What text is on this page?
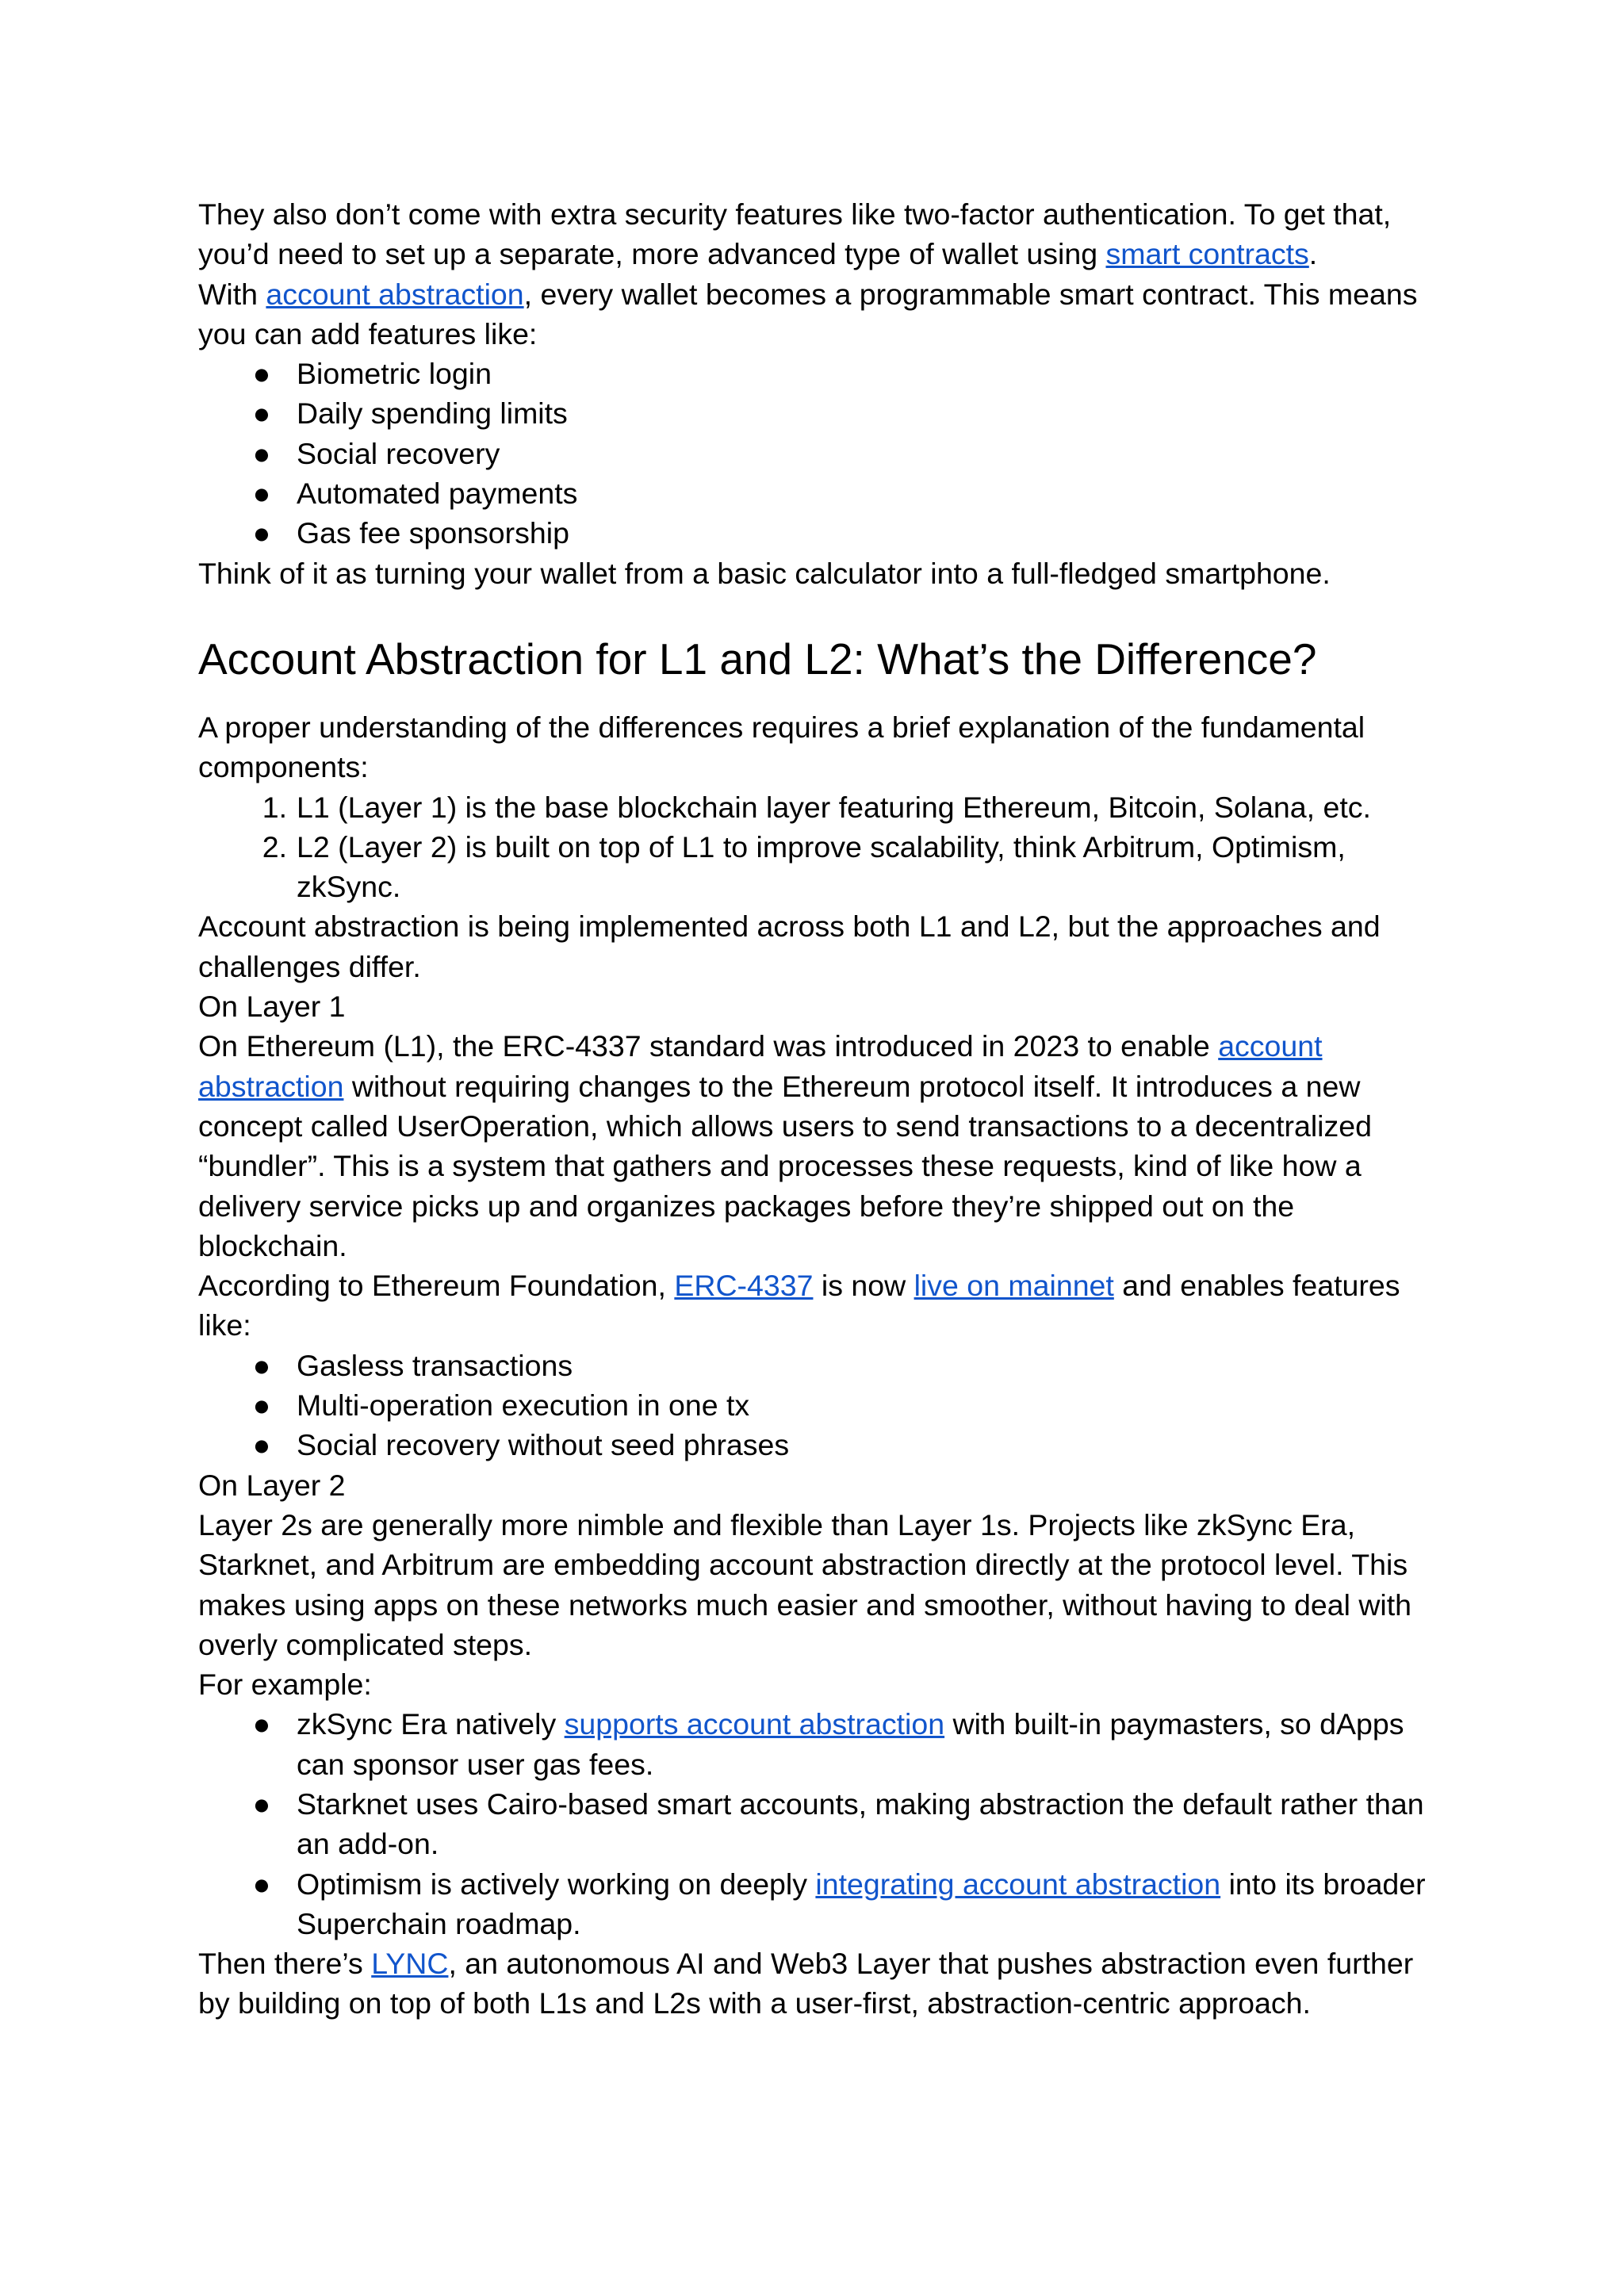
They also don’t come with extra security features like two-factor authentication. To get that, you’d need to set up a separate, more advanced type of wallet using smart contracts.

With account abstraction, every wallet becomes a programmable smart contract. This means you can add features like:

● Biometric login
● Daily spending limits
● Social recovery
● Automated payments
● Gas fee sponsorship

Think of it as turning your wallet from a basic calculator into a full-fledged smartphone.

Account Abstraction for L1 and L2: What’s the Difference?

A proper understanding of the differences requires a brief explanation of the fundamental components:

1. L1 (Layer 1) is the base blockchain layer featuring Ethereum, Bitcoin, Solana, etc.
2. L2 (Layer 2) is built on top of L1 to improve scalability, think Arbitrum, Optimism, zkSync.

Account abstraction is being implemented across both L1 and L2, but the approaches and challenges differ.

On Layer 1

On Ethereum (L1), the ERC-4337 standard was introduced in 2023 to enable account abstraction without requiring changes to the Ethereum protocol itself. It introduces a new concept called UserOperation, which allows users to send transactions to a decentralized “bundler”. This is a system that gathers and processes these requests, kind of like how a delivery service picks up and organizes packages before they’re shipped out on the blockchain.

According to Ethereum Foundation, ERC-4337 is now live on mainnet and enables features like:

● Gasless transactions
● Multi-operation execution in one tx
● Social recovery without seed phrases

On Layer 2

Layer 2s are generally more nimble and flexible than Layer 1s. Projects like zkSync Era, Starknet, and Arbitrum are embedding account abstraction directly at the protocol level. This makes using apps on these networks much easier and smoother, without having to deal with overly complicated steps.

For example:

● zkSync Era natively supports account abstraction with built-in paymasters, so dApps can sponsor user gas fees.
● Starknet uses Cairo-based smart accounts, making abstraction the default rather than an add-on.
● Optimism is actively working on deeply integrating account abstraction into its broader Superchain roadmap.

Then there’s LYNC, an autonomous AI and Web3 Layer that pushes abstraction even further by building on top of both L1s and L2s with a user-first, abstraction-centric approach.
